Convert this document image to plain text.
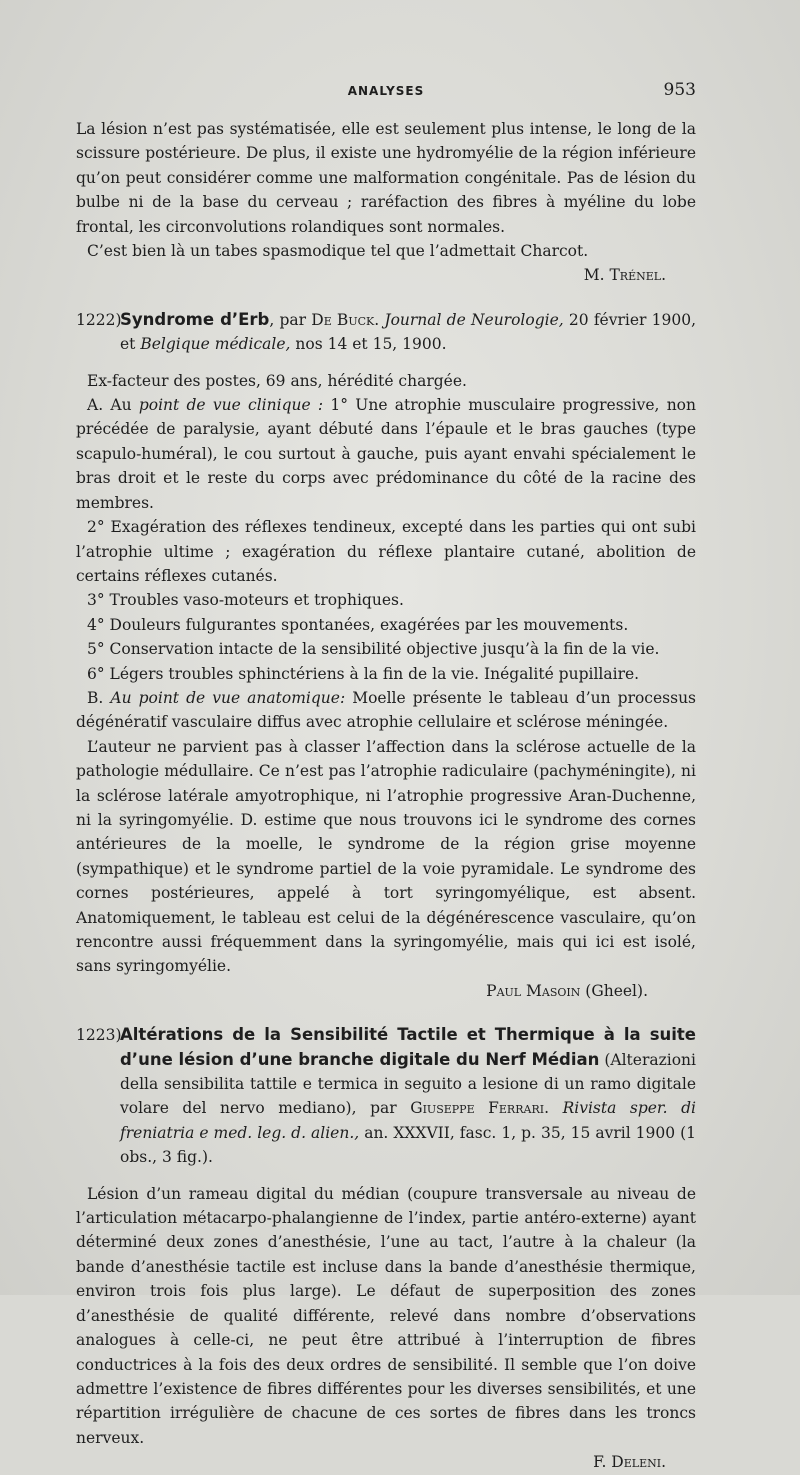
ANALYSES	953

La lésion n’est pas systématisée, elle est seulement plus intense, le long de la scissure postérieure. De plus, il existe une hydromyélie de la région inférieure qu’on peut considérer comme une malformation congénitale. Pas de lésion du bulbe ni de la base du cerveau ; raréfaction des fibres à myéline du lobe frontal, les circonvolutions rolandiques sont normales.

C’est bien là un tabes spasmodique tel que l’admettait Charcot.

M. Trénel.

1222)Syndrome d’Erb, par De Buck. Journal de Neurologie, 20 février 1900, et Belgique médicale, nos 14 et 15, 1900.

Ex-facteur des postes, 69 ans, hérédité chargée.

A. Au point de vue clinique : 1° Une atrophie musculaire progressive, non précédée de paralysie, ayant débuté dans l’épaule et le bras gauches (type scapulo-huméral), le cou surtout à gauche, puis ayant envahi spécialement le bras droit et le reste du corps avec prédominance du côté de la racine des membres.

2° Exagération des réflexes tendineux, excepté dans les parties qui ont subi l’atrophie ultime ; exagération du réflexe plantaire cutané, abolition de certains réflexes cutanés.

3° Troubles vaso-moteurs et trophiques.

4° Douleurs fulgurantes spontanées, exagérées par les mouvements.

5° Conservation intacte de la sensibilité objective jusqu’à la fin de la vie.

6° Légers troubles sphinctériens à la fin de la vie. Inégalité pupillaire.

B. Au point de vue anatomique: Moelle présente le tableau d’un processus dégénératif vasculaire diffus avec atrophie cellulaire et sclérose méningée.

L’auteur ne parvient pas à classer l’affection dans la sclérose actuelle de la pathologie médullaire. Ce n’est pas l’atrophie radiculaire (pachyméningite), ni la sclérose latérale amyotrophique, ni l’atrophie progressive Aran-Duchenne, ni la syringomyélie. D. estime que nous trouvons ici le syndrome des cornes antérieures de la moelle, le syndrome de la région grise moyenne (sympathique) et le syndrome partiel de la voie pyramidale. Le syndrome des cornes postérieures, appelé à tort syringomyélique, est absent. Anatomiquement, le tableau est celui de la dégénérescence vasculaire, qu’on rencontre aussi fréquemment dans la syringomyélie, mais qui ici est isolé, sans syringomyélie.

Paul Masoin (Gheel).

1223)Altérations de la Sensibilité Tactile et Thermique à la suite d’une lésion d’une branche digitale du Nerf Médian (Alterazioni della sensibilita tattile e termica in seguito a lesione di un ramo digitale volare del nervo mediano), par Giuseppe Ferrari. Rivista sper. di freniatria e med. leg. d. alien., an. XXXVII, fasc. 1, p. 35, 15 avril 1900 (1 obs., 3 fig.).

Lésion d’un rameau digital du médian (coupure transversale au niveau de l’articulation métacarpo-phalangienne de l’index, partie antéro-externe) ayant déterminé deux zones d’anesthésie, l’une au tact, l’autre à la chaleur (la bande d’anesthésie tactile est incluse dans la bande d’anesthésie thermique, environ trois fois plus large). Le défaut de superposition des zones d’anesthésie de qualité différente, relevé dans nombre d’observations analogues à celle-ci, ne peut être attribué à l’interruption de fibres conductrices à la fois des deux ordres de sensibilité. Il semble que l’on doive admettre l’existence de fibres différentes pour les diverses sensibilités, et une répartition irrégulière de chacune de ces sortes de fibres dans les troncs nerveux.

F. Deleni.
